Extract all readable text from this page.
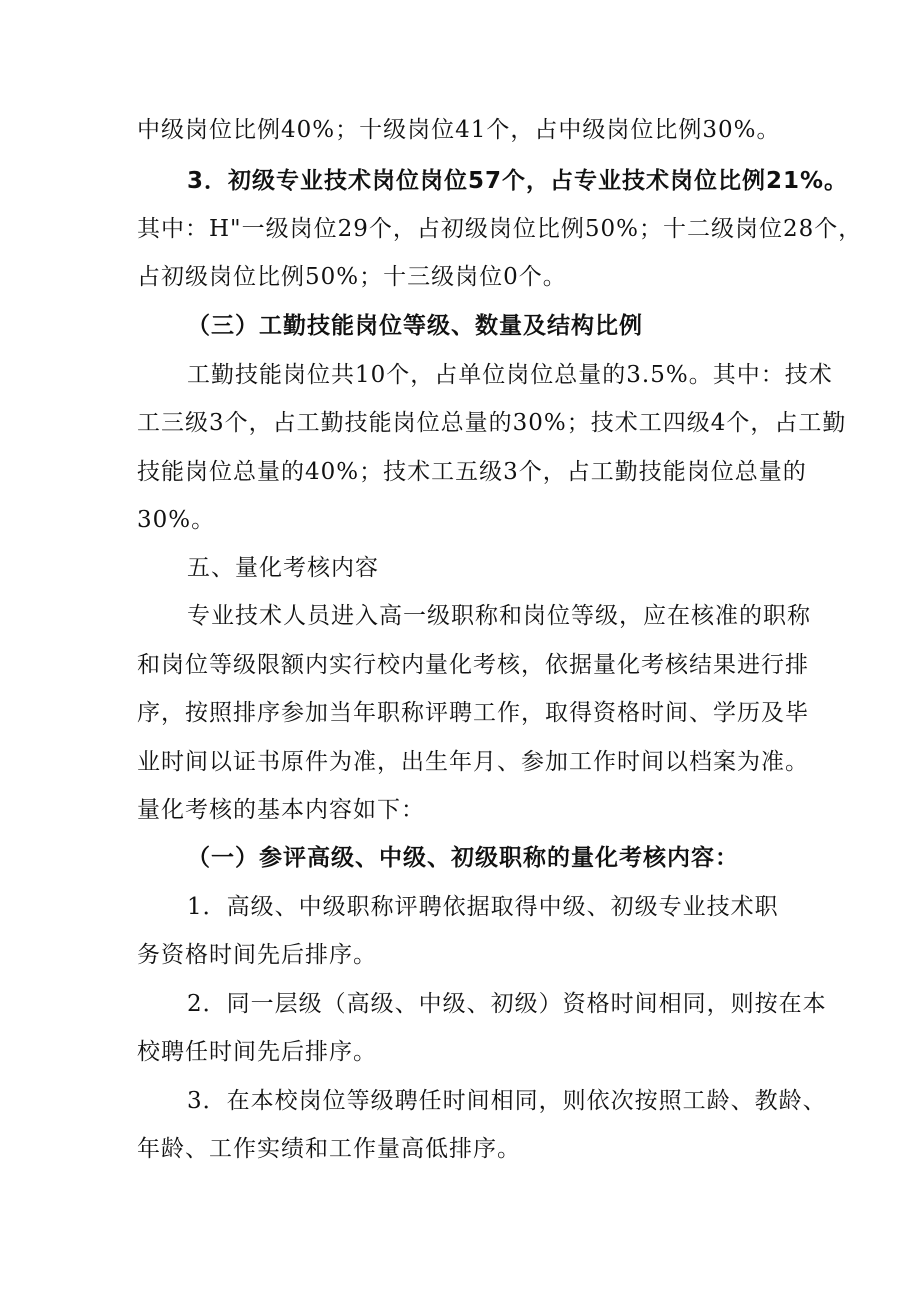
中级岗位比例40%；十级岗位41个，占中级岗位比例30%。
3．初级专业技术岗位岗位57个，占专业技术岗位比例21%。
其中：H"一级岗位29个，占初级岗位比例50%；十二级岗位28个，
占初级岗位比例50%；十三级岗位0个。
（三）工勤技能岗位等级、数量及结构比例
工勤技能岗位共10个，占单位岗位总量的3.5%。其中：技术
工三级3个，占工勤技能岗位总量的30%；技术工四级4个，占工勤
技能岗位总量的40%；技术工五级3个，占工勤技能岗位总量的
30%。
五、量化考核内容
专业技术人员进入高一级职称和岗位等级，应在核准的职称
和岗位等级限额内实行校内量化考核，依据量化考核结果进行排
序，按照排序参加当年职称评聘工作，取得资格时间、学历及毕
业时间以证书原件为准，出生年月、参加工作时间以档案为准。
量化考核的基本内容如下：
（一）参评高级、中级、初级职称的量化考核内容：
1．高级、中级职称评聘依据取得中级、初级专业技术职
务资格时间先后排序。
2．同一层级（高级、中级、初级）资格时间相同，则按在本
校聘任时间先后排序。
3．在本校岗位等级聘任时间相同，则依次按照工龄、教龄、
年龄、工作实绩和工作量高低排序。
